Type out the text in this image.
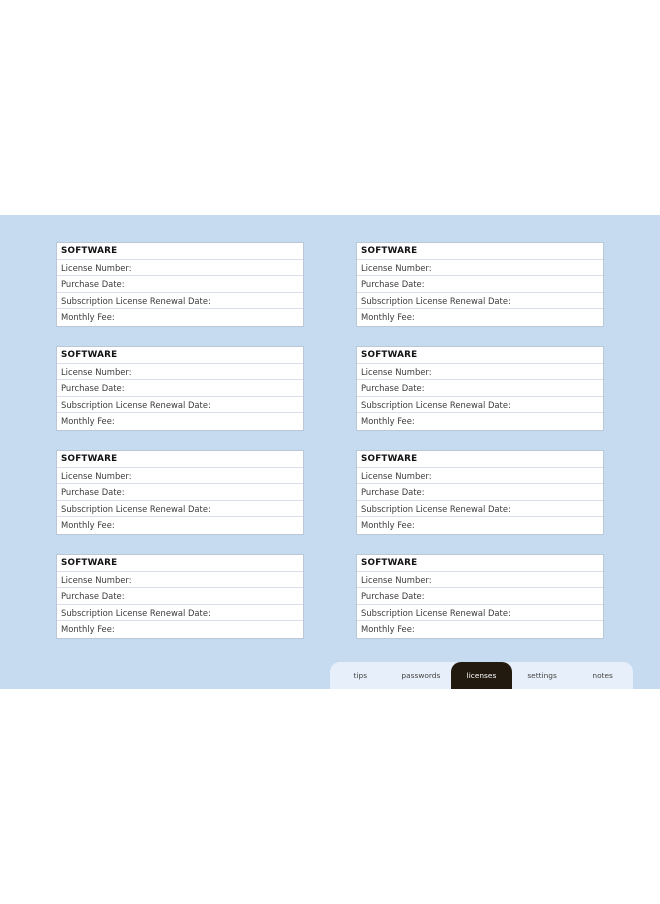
SOFTWARE
License Number:
Purchase Date:
Subscription License Renewal Date:
Monthly Fee:
SOFTWARE
License Number:
Purchase Date:
Subscription License Renewal Date:
Monthly Fee:
SOFTWARE
License Number:
Purchase Date:
Subscription License Renewal Date:
Monthly Fee:
SOFTWARE
License Number:
Purchase Date:
Subscription License Renewal Date:
Monthly Fee:
SOFTWARE
License Number:
Purchase Date:
Subscription License Renewal Date:
Monthly Fee:
SOFTWARE
License Number:
Purchase Date:
Subscription License Renewal Date:
Monthly Fee:
SOFTWARE
License Number:
Purchase Date:
Subscription License Renewal Date:
Monthly Fee:
SOFTWARE
License Number:
Purchase Date:
Subscription License Renewal Date:
Monthly Fee:
tips	passwords	licenses	settings	notes
